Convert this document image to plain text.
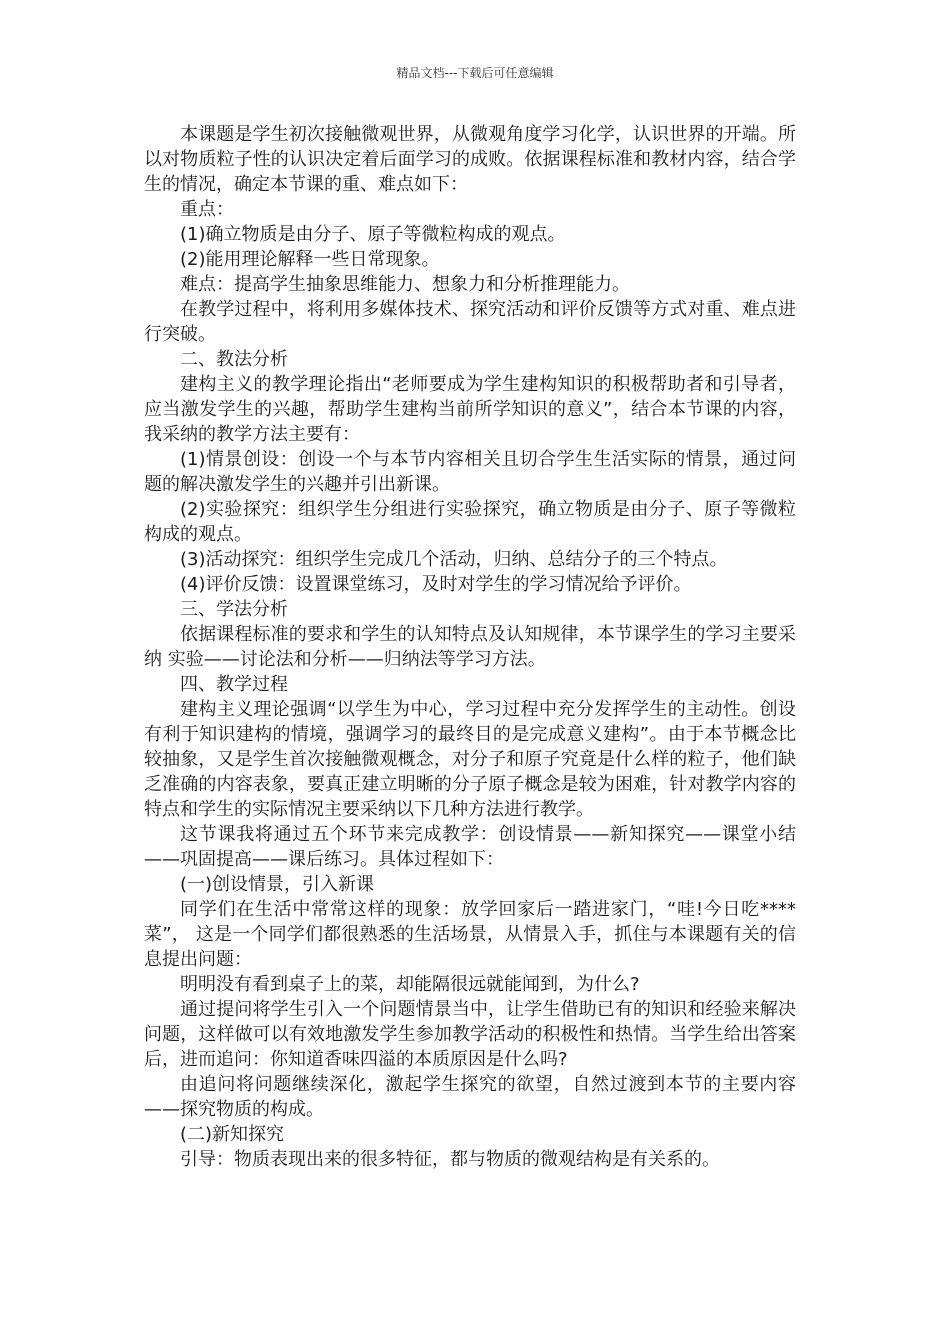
精品文档---下载后可任意编辑

本课题是学生初次接触微观世界，从微观角度学习化学，认识世界的开端。所以对物质粒子性的认识决定着后面学习的成败。依据课程标准和教材内容，结合学生的情况，确定本节课的重、难点如下：

重点：

(1)确立物质是由分子、原子等微粒构成的观点。

(2)能用理论解释一些日常现象。

难点：提高学生抽象思维能力、想象力和分析推理能力。

在教学过程中，将利用多媒体技术、探究活动和评价反馈等方式对重、难点进行突破。

二、教法分析

建构主义的教学理论指出“老师要成为学生建构知识的积极帮助者和引导者，应当激发学生的兴趣，帮助学生建构当前所学知识的意义”，结合本节课的内容，我采纳的教学方法主要有：

(1)情景创设：创设一个与本节内容相关且切合学生生活实际的情景，通过问题的解决激发学生的兴趣并引出新课。

(2)实验探究：组织学生分组进行实验探究，确立物质是由分子、原子等微粒构成的观点。

(3)活动探究：组织学生完成几个活动，归纳、总结分子的三个特点。

(4)评价反馈：设置课堂练习，及时对学生的学习情况给予评价。

三、学法分析

依据课程标准的要求和学生的认知特点及认知规律，本节课学生的学习主要采纳 实验——讨论法和分析——归纳法等学习方法。

四、教学过程

建构主义理论强调“以学生为中心，学习过程中充分发挥学生的主动性。创设有利于知识建构的情境，强调学习的最终目的是完成意义建构”。由于本节概念比较抽象，又是学生首次接触微观概念，对分子和原子究竟是什么样的粒子，他们缺乏准确的内容表象，要真正建立明晰的分子原子概念是较为困难，针对教学内容的特点和学生的实际情况主要采纳以下几种方法进行教学。

这节课我将通过五个环节来完成教学：创设情景——新知探究——课堂小结——巩固提高——课后练习。具体过程如下：

(一)创设情景，引入新课

同学们在生活中常常这样的现象：放学回家后一踏进家门，“哇!今日吃****菜”， 这是一个同学们都很熟悉的生活场景，从情景入手，抓住与本课题有关的信息提出问题：

明明没有看到桌子上的菜，却能隔很远就能闻到，为什么?

通过提问将学生引入一个问题情景当中，让学生借助已有的知识和经验来解决问题，这样做可以有效地激发学生参加教学活动的积极性和热情。当学生给出答案后，进而追问：你知道香味四溢的本质原因是什么吗?

由追问将问题继续深化，激起学生探究的欲望，自然过渡到本节的主要内容——探究物质的构成。

(二)新知探究

引导：物质表现出来的很多特征，都与物质的微观结构是有关系的。
